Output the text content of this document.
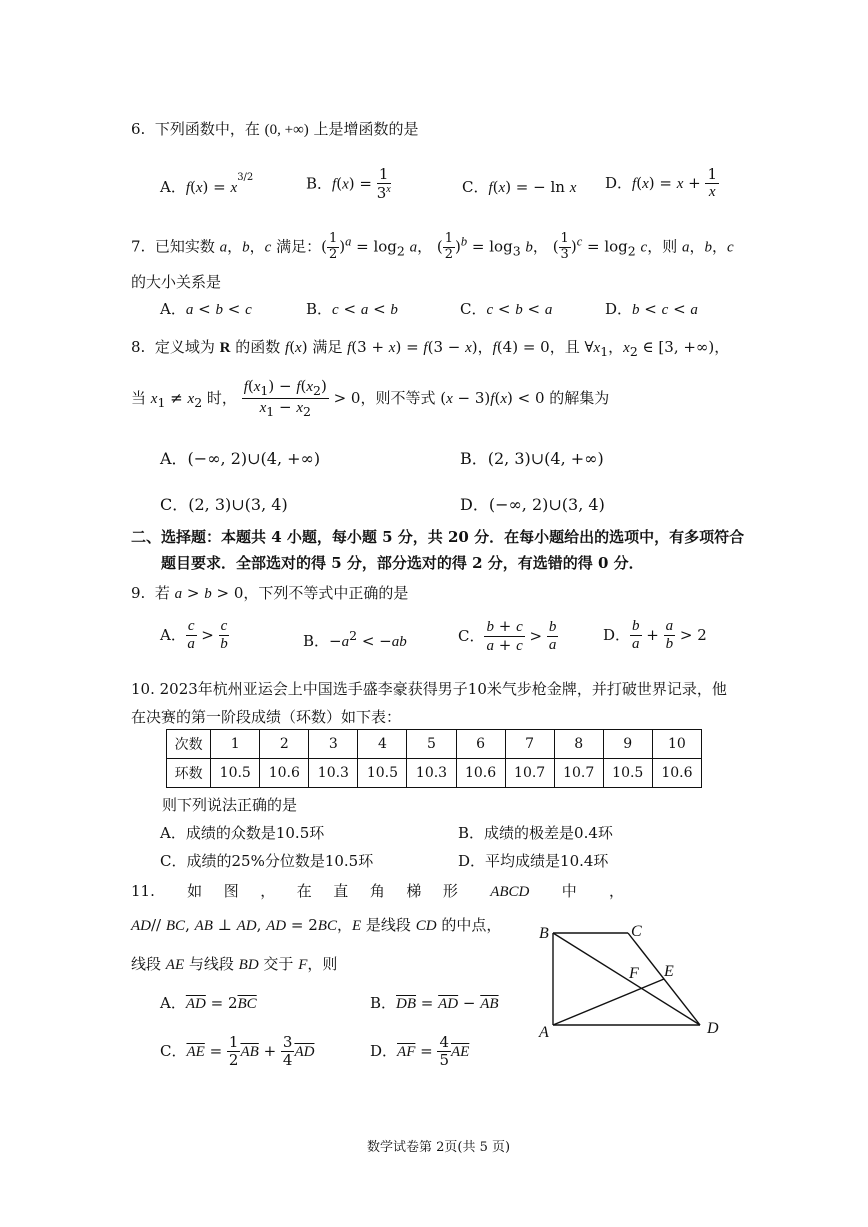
6.  下列函数中，在 (0, +∞) 上是增函数的是
A．$f(x) = x^{3/2}$	B．$f(x) = \frac{1}{3^x}$	C．f(x) = − ln x D．$f(x) = x + \frac{1}{x}$
7.  已知实数 a，b，c 满足：( $\frac{1}{2} )^a = \log_2 a$， ( $\frac{1}{2} )^b = \log_3 b$， ( $\frac{1}{3} )^c = \log_2 c$，则 a，b，c
的大小关系是
A．a < b < c	B．c < a < b	C．c < b < a	D．b < c < a
8.  定义域为 R 的函数 f(x) 满足 f(3 + x) = f(3 − x)，f(4) = 0，且 $\forall x_1$，$x_2$ ∈ [3, +∞)，
当 $x_1 \ne x_2$ 时， $\frac{f(x_1) - f(x_2)}{x_1 - x_2} > 0$，则不等式 (x − 3)f(x) < 0 的解集为
A．(−∞, 2)∪(4, +∞)	B．(2, 3)∪(4, +∞)
C．(2, 3)∪(3, 4)	D．(−∞, 2)∪(3, 4)
二、选择题：本题共 4 小题，每小题 5 分，共 20 分．在每小题给出的选项中，有多项符合
题目要求．全部选对的得 5 分，部分选对的得 2 分，有选错的得 0 分．
9.  若 a > b > 0，下列不等式中正确的是
A． $\frac{c}{a} > \frac{c}{b}$	B．$-a^2 < -ab$	C． $\frac{b + c}{a + c} > \frac{b}{a}$	D． $\frac{b}{a} + \frac{a}{b} > 2$
10. 2023年杭州亚运会上中国选手盛李豪获得男子10米气步枪金牌，并打破世界记录，他
在决赛的第一阶段成绩（环数）如下表：
次数	1	2	3	4	5	6	7	8	9	10
环数	10.5	10.6	10.3	10.5	10.3	10.6	10.7	10.7	10.5	10.6
则下列说法正确的是
A．成绩的众数是10.5环	B．成绩的极差是0.4环
C．成绩的25%分位数是10.5环	D．平均成绩是10.4环
11.   如  图  ，  在  直  角  梯  形   ABCD   中   ，
AD// BC, AB ⊥ AD, AD = 2BC，E 是线段 CD 的中点，
线段 AE 与线段 BD 交于 F，则
A．$\overline{AD} = 2\overline{BC}$	B．$\overline{DB} = \overline{AD} - \overline{AB}$
C．$\overline{AE} = \frac{1}{2} \overline{AB} + \frac{3}{4} \overline{AD}$	D．$\overline{AF} = \frac{4}{5} \overline{AE}$
B	C
F E
A	D
数学试卷第 2页(共 5 页)
